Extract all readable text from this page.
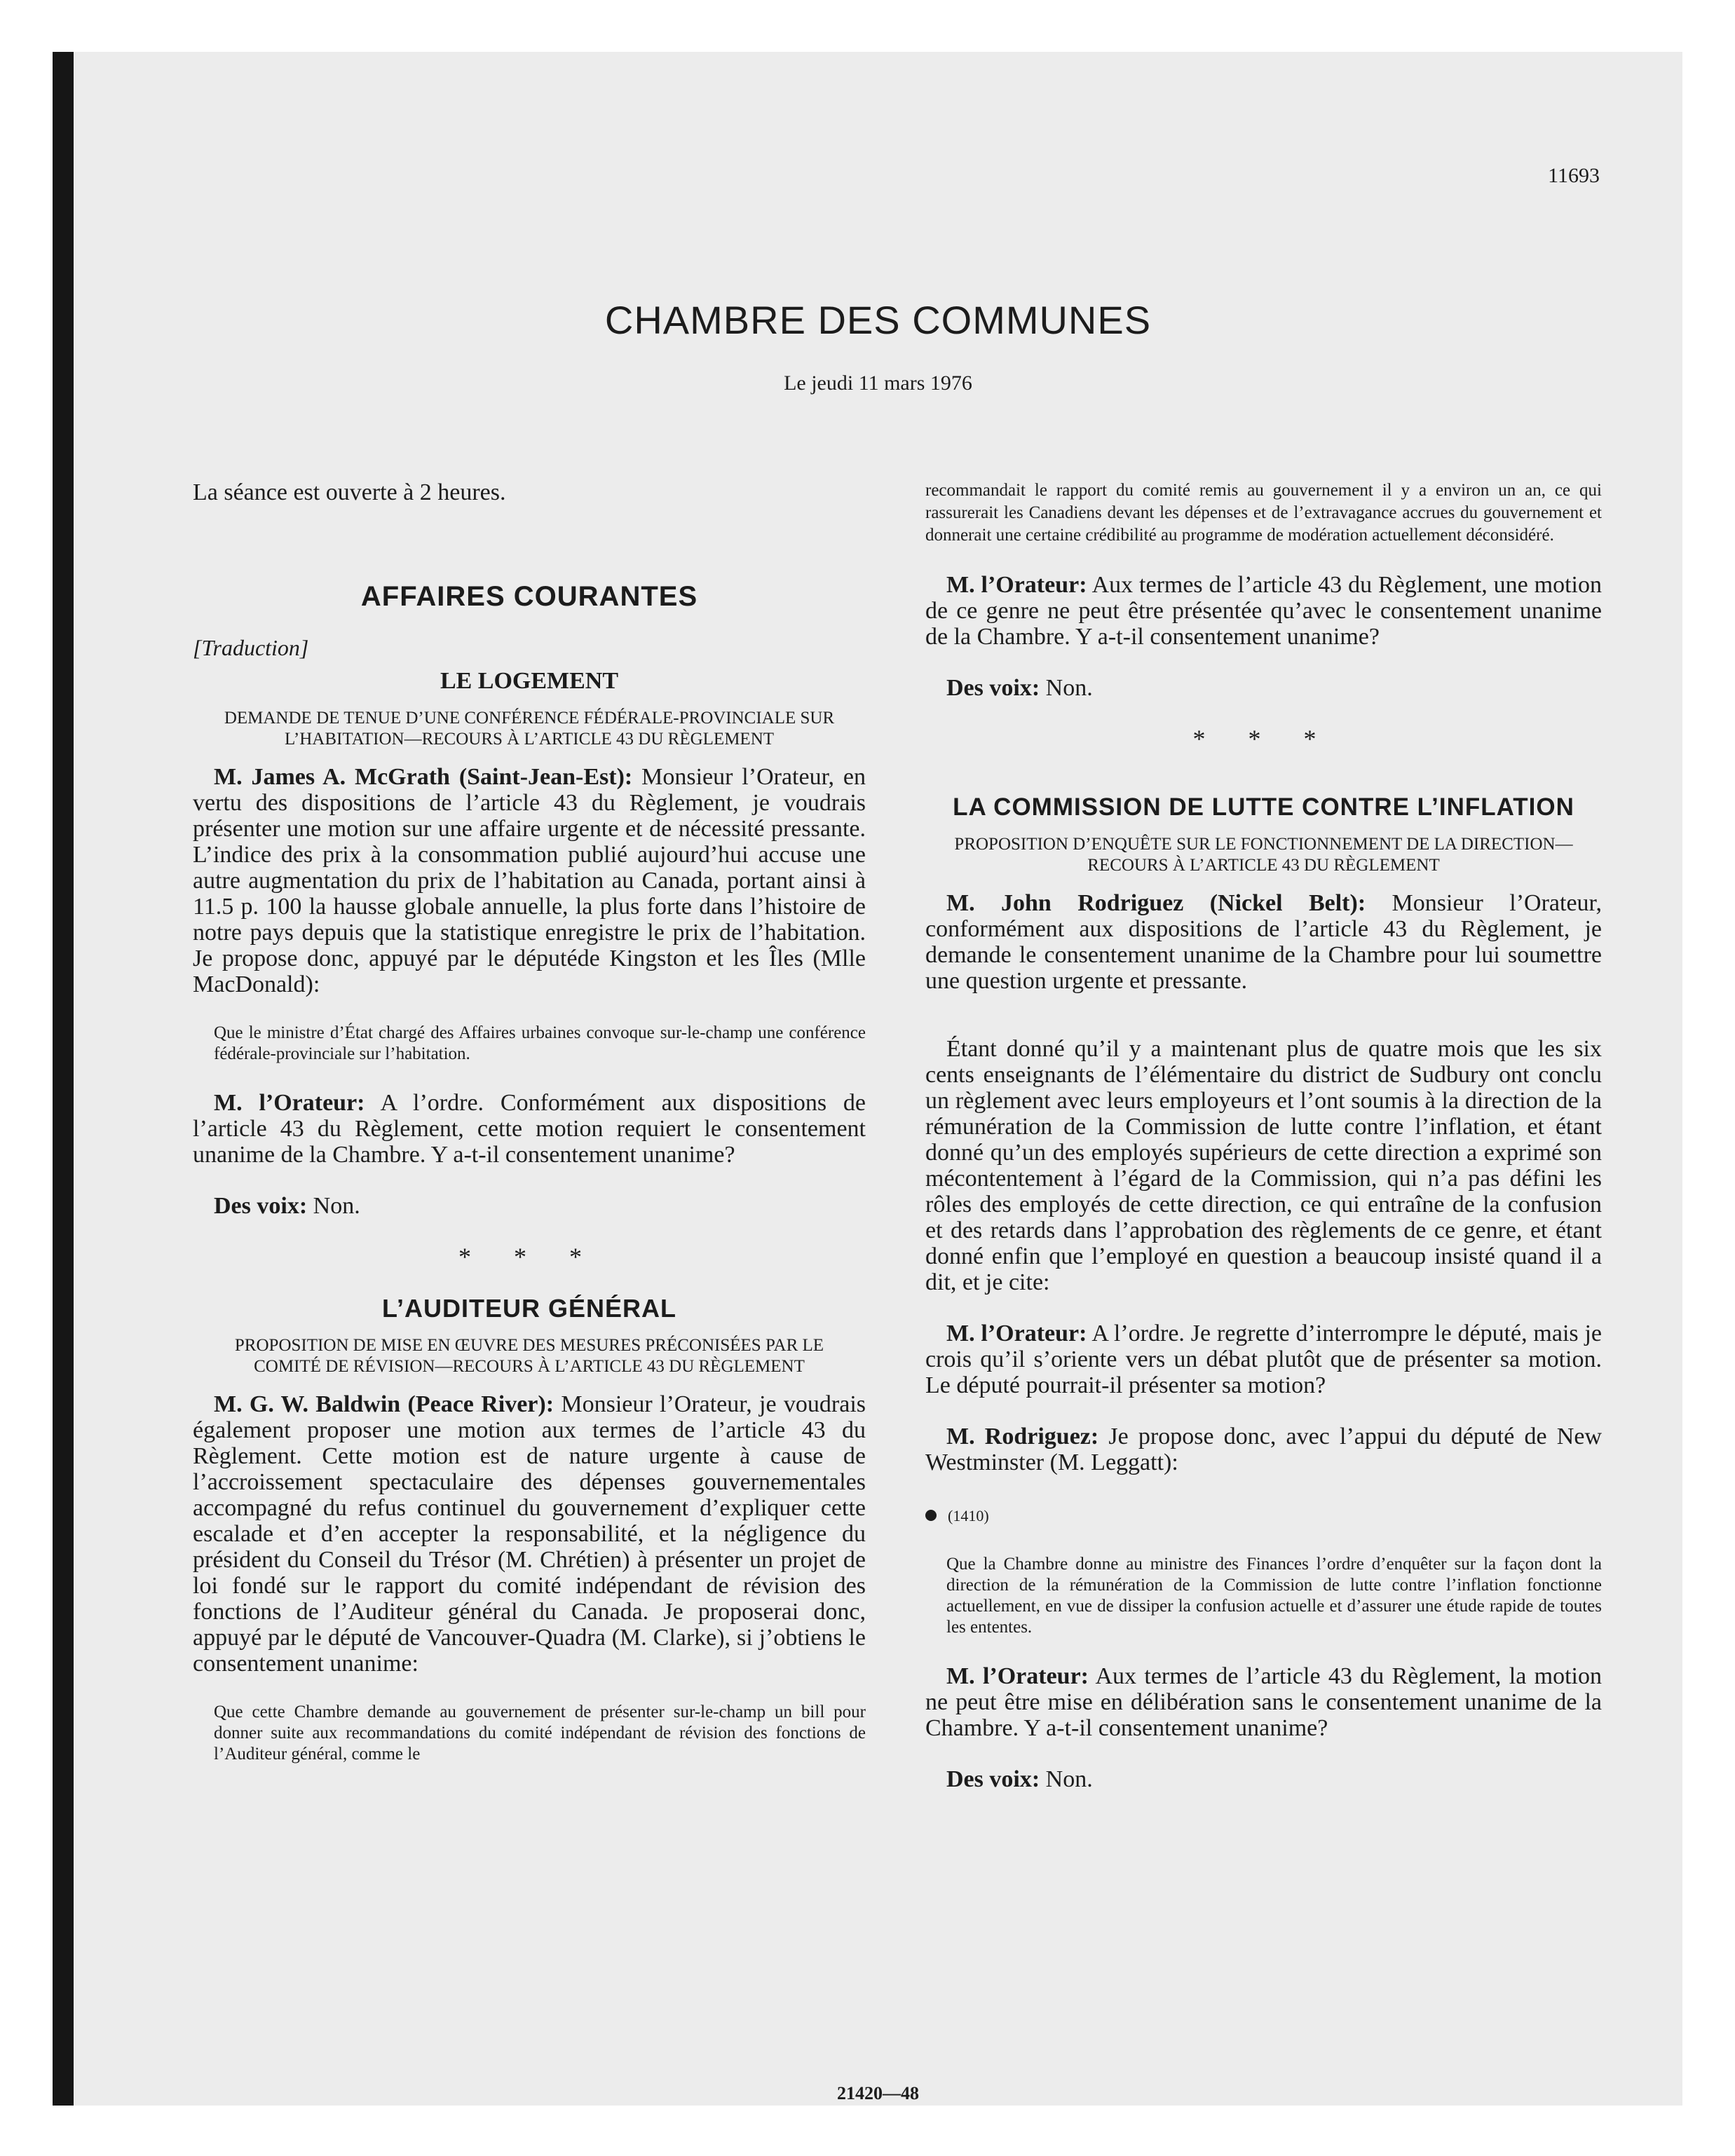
11693
CHAMBRE DES COMMUNES
Le jeudi 11 mars 1976

La séance est ouverte à 2 heures.

AFFAIRES COURANTES

[Traduction]

LE LOGEMENT
DEMANDE DE TENUE D’UNE CONFÉRENCE FÉDÉRALE-PROVINCIALE SUR L’HABITATION—RECOURS À L’ARTICLE 43 DU RÈGLEMENT

M. James A. McGrath (Saint-Jean-Est): Monsieur l’Orateur, en vertu des dispositions de l’article 43 du Règlement, je voudrais présenter une motion sur une affaire urgente et de nécessité pressante. L’indice des prix à la consommation publié aujourd’hui accuse une autre augmentation du prix de l’habitation au Canada, portant ainsi à 11.5 p. 100 la hausse globale annuelle, la plus forte dans l’histoire de notre pays depuis que la statistique enregistre le prix de l’habitation. Je propose donc, appuyé par le députéde Kingston et les Îles (Mlle MacDonald):

Que le ministre d’État chargé des Affaires urbaines convoque sur-le-champ une conférence fédérale-provinciale sur l’habitation.

M. l’Orateur: A l’ordre. Conformément aux dispositions de l’article 43 du Règlement, cette motion requiert le consentement unanime de la Chambre. Y a-t-il consentement unanime?

Des voix: Non.

* * *
L’AUDITEUR GÉNÉRAL
PROPOSITION DE MISE EN ŒUVRE DES MESURES PRÉCONISÉES PAR LE COMITÉ DE RÉVISION—RECOURS À L’ARTICLE 43 DU RÈGLEMENT

M. G. W. Baldwin (Peace River): Monsieur l’Orateur, je voudrais également proposer une motion aux termes de l’article 43 du Règlement. Cette motion est de nature urgente à cause de l’accroissement spectaculaire des dépenses gouvernementales accompagné du refus continuel du gouvernement d’expliquer cette escalade et d’en accepter la responsabilité, et la négligence du président du Conseil du Trésor (M. Chrétien) à présenter un projet de loi fondé sur le rapport du comité indépendant de révision des fonctions de l’Auditeur général du Canada. Je proposerai donc, appuyé par le député de Vancouver-Quadra (M. Clarke), si j’obtiens le consentement unanime:

Que cette Chambre demande au gouvernement de présenter sur-le-champ un bill pour donner suite aux recommandations du comité indépendant de révision des fonctions de l’Auditeur général, comme le

recommandait le rapport du comité remis au gouvernement il y a environ un an, ce qui rassurerait les Canadiens devant les dépenses et de l’extravagance accrues du gouvernement et donnerait une certaine crédibilité au programme de modération actuellement déconsidéré.

M. l’Orateur: Aux termes de l’article 43 du Règlement, une motion de ce genre ne peut être présentée qu’avec le consentement unanime de la Chambre. Y a-t-il consentement unanime?

Des voix: Non.

* * *
LA COMMISSION DE LUTTE CONTRE L’INFLATION
PROPOSITION D’ENQUÊTE SUR LE FONCTIONNEMENT DE LA DIRECTION—RECOURS À L’ARTICLE 43 DU RÈGLEMENT

M. John Rodriguez (Nickel Belt): Monsieur l’Orateur, conformément aux dispositions de l’article 43 du Règlement, je demande le consentement unanime de la Chambre pour lui soumettre une question urgente et pressante.

Étant donné qu’il y a maintenant plus de quatre mois que les six cents enseignants de l’élémentaire du district de Sudbury ont conclu un règlement avec leurs employeurs et l’ont soumis à la direction de la rémunération de la Commission de lutte contre l’inflation, et étant donné qu’un des employés supérieurs de cette direction a exprimé son mécontentement à l’égard de la Commission, qui n’a pas défini les rôles des employés de cette direction, ce qui entraîne de la confusion et des retards dans l’approbation des règlements de ce genre, et étant donné enfin que l’employé en question a beaucoup insisté quand il a dit, et je cite:

M. l’Orateur: A l’ordre. Je regrette d’interrompre le député, mais je crois qu’il s’oriente vers un débat plutôt que de présenter sa motion. Le député pourrait-il présenter sa motion?

M. Rodriguez: Je propose donc, avec l’appui du député de New Westminster (M. Leggatt):

(1410)

Que la Chambre donne au ministre des Finances l’ordre d’enquêter sur la façon dont la direction de la rémunération de la Commission de lutte contre l’inflation fonctionne actuellement, en vue de dissiper la confusion actuelle et d’assurer une étude rapide de toutes les ententes.

M. l’Orateur: Aux termes de l’article 43 du Règlement, la motion ne peut être mise en délibération sans le consentement unanime de la Chambre. Y a-t-il consentement unanime?

Des voix: Non.

21420—48
